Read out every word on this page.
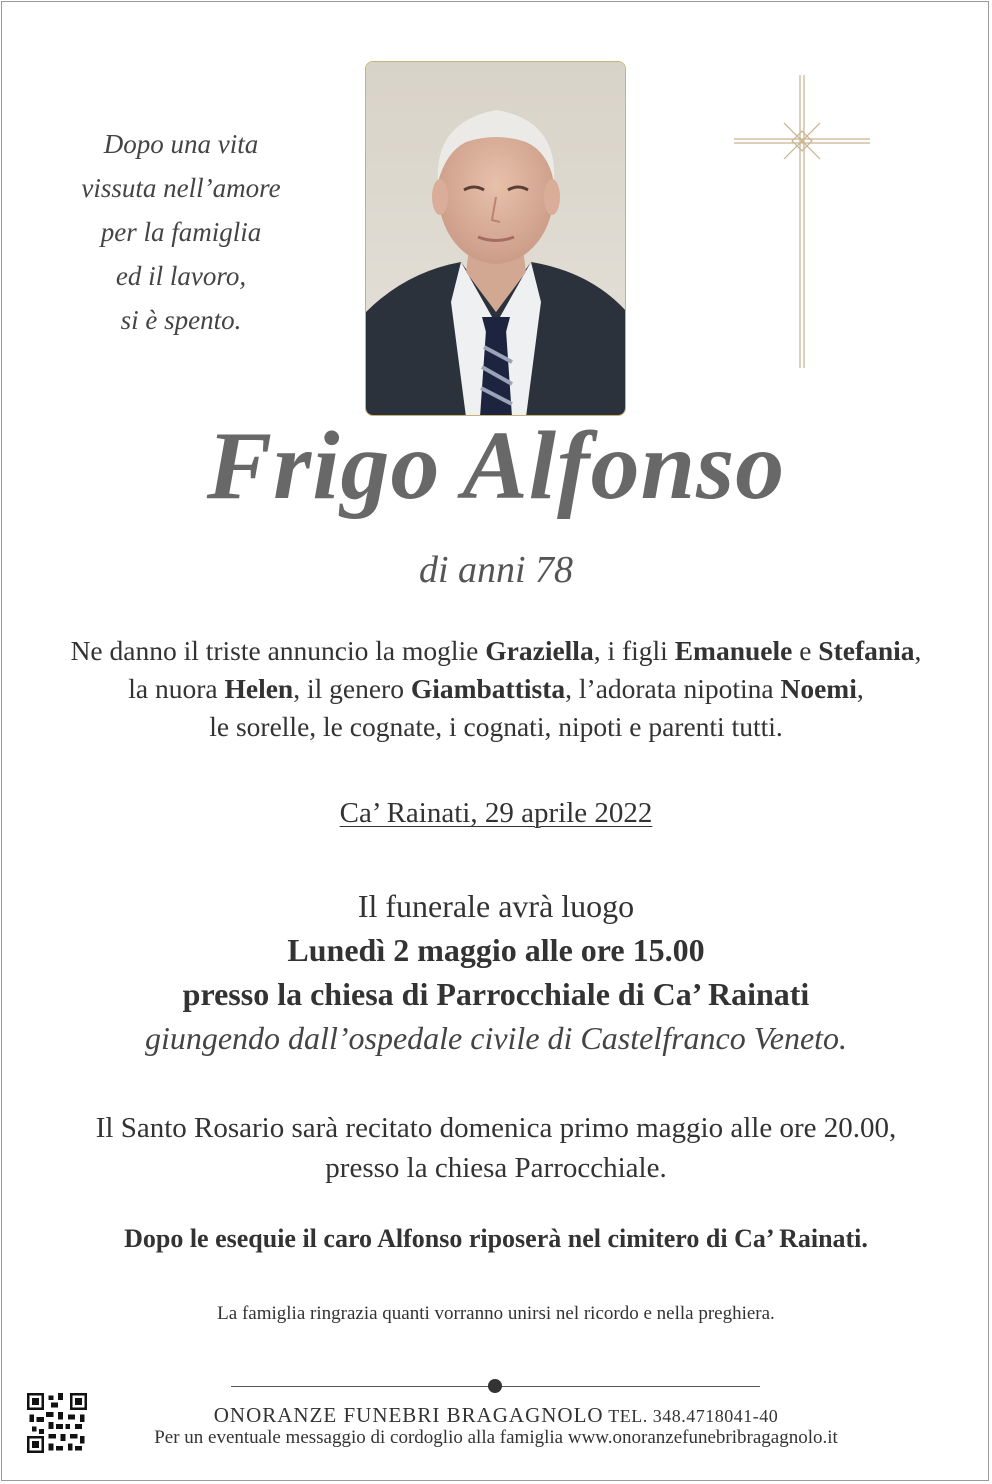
Dopo una vita
vissuta nell’amore
per la famiglia
ed il lavoro,
si è spento.
Frigo Alfonso
di anni 78
Ne danno il triste annuncio la moglie Graziella, i figli Emanuele e Stefania,
la nuora Helen, il genero Giambattista, l’adorata nipotina Noemi,
le sorelle, le cognate, i cognati, nipoti e parenti tutti.
Ca’ Rainati, 29 aprile 2022
Il funerale avrà luogo
Lunedì 2 maggio alle ore 15.00
presso la chiesa di Parrocchiale di Ca’ Rainati
giungendo dall’ospedale civile di Castelfranco Veneto.
Il Santo Rosario sarà recitato domenica primo maggio alle ore 20.00,
presso la chiesa Parrocchiale.
Dopo le esequie il caro Alfonso riposerà nel cimitero di Ca’ Rainati.
La famiglia ringrazia quanti vorranno unirsi nel ricordo e nella preghiera.
ONORANZE FUNEBRI BRAGAGNOLO TEL. 348.4718041-40
Per un eventuale messaggio di cordoglio alla famiglia www.onoranzefunebribragagnolo.it
